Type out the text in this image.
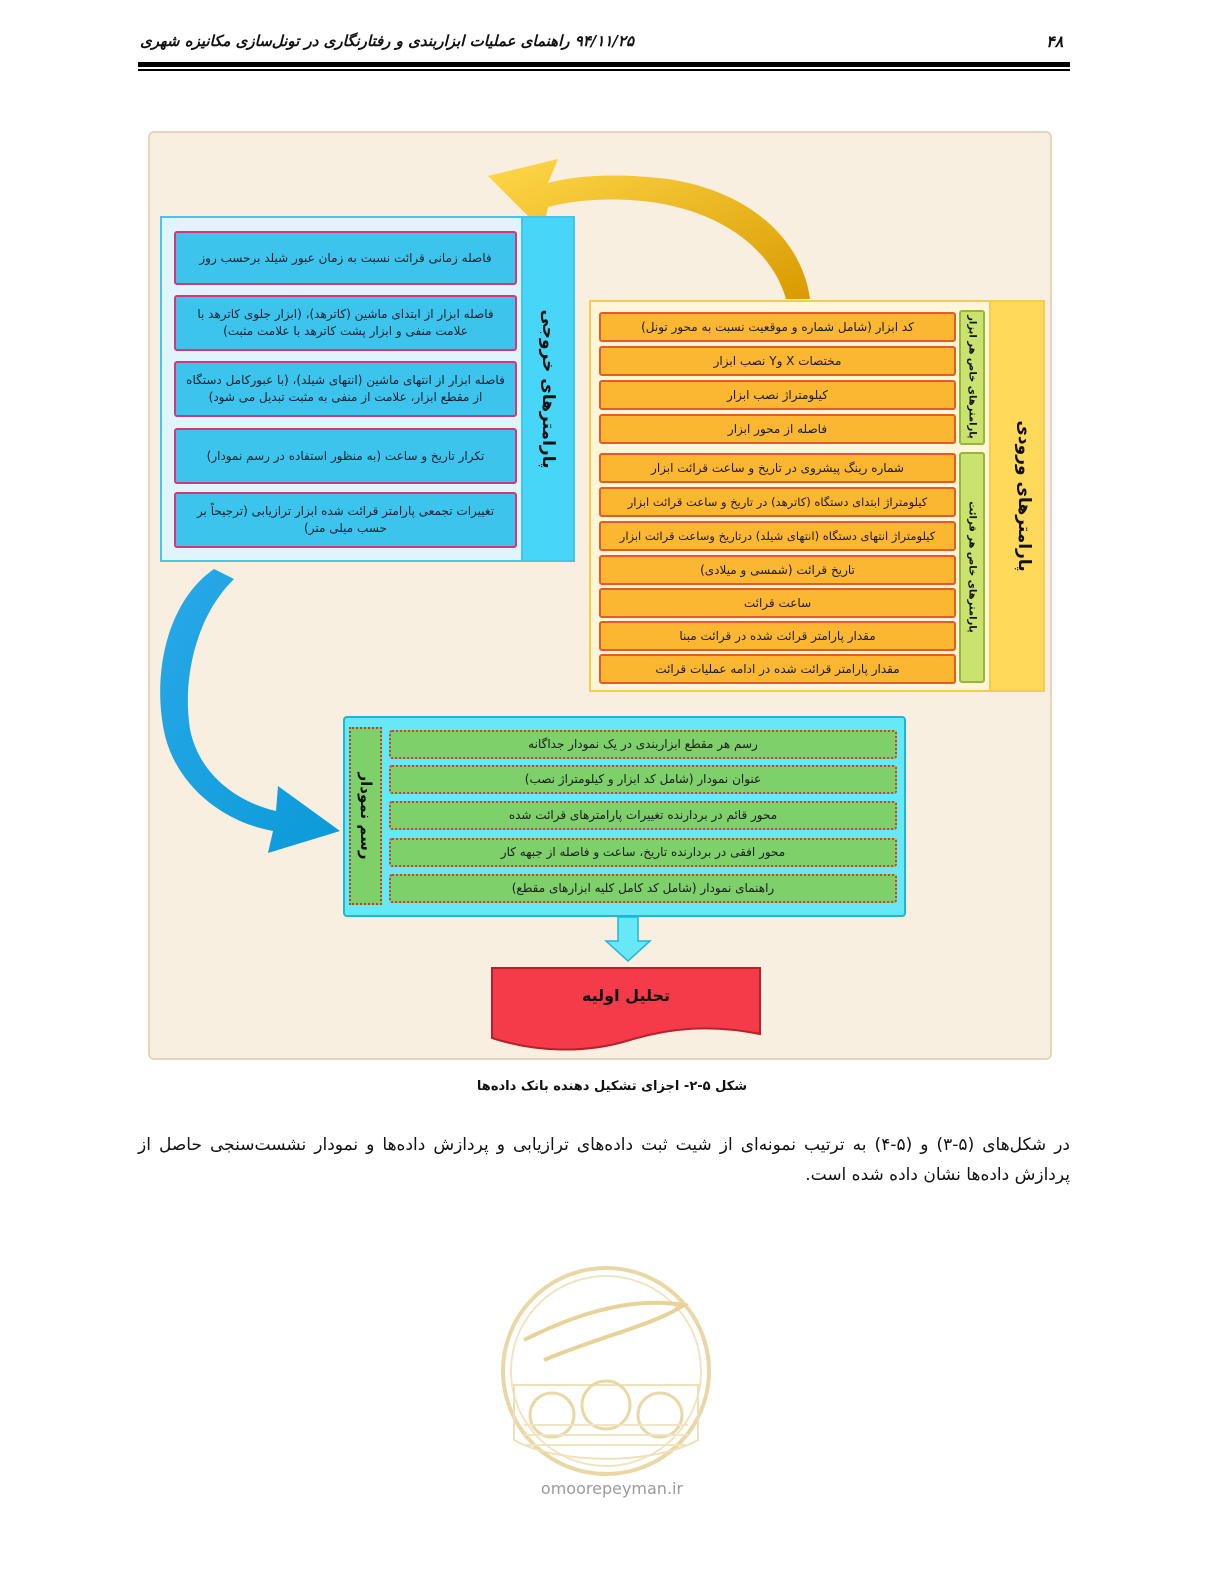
۹۴/۱۱/۲۵ راهنمای عملیات ابزاربندی و رفتارنگاری در تونل‌سازی مکانیزه شهری	۴۸
پارامترهای خروجی
فاصله زمانی قرائت نسبت به زمان عبور شیلد برحسب روز
فاصله ابزار از ابتدای ماشین (کاترهد)، (ابزار جلوی کاترهد با علامت منفی و ابزار پشت کاترهد با علامت مثبت)
فاصله ابزار از انتهای ماشین (انتهای شیلد)، (با عبورکامل دستگاه از مقطع ابزار، علامت از منفی به مثبت تبدیل می شود)
تکرار تاریخ و ساعت (به منظور استفاده در رسم نمودار)
تغییرات تجمعی پارامتر قرائت شده ابزار ترازیابی (ترجیحاً بر حسب میلی متر)	پارامترهای ورودی
پارامترهای خاص هر ابزار
پارامترهای خاص هر قرائت
کد ابزار (شامل شماره و موقعیت نسبت به محور تونل)
مختصات X وY نصب ابزار
کیلومتراژ نصب ابزار
فاصله از محور ابزار
شماره رینگ پیشروی در تاریخ و ساعت قرائت ابزار
کیلومتراژ ابتدای دستگاه (کاترهد) در تاریخ و ساعت قرائت ابزار
کیلومتراژ انتهای دستگاه (انتهای شیلد) درتاریخ وساعت قرائت ابزار
تاریخ قرائت (شمسی و میلادی)
ساعت قرائت
مقدار پارامتر قرائت شده در قرائت مبنا
مقدار پارامتر قرائت شده در ادامه عملیات قرائت
رسم نمودار
رسم هر مقطع ابزاربندی در یک نمودار جداگانه
عنوان نمودار (شامل کد ابزار و کیلومتراژ نصب)
محور قائم در بردارنده تغییرات پارامترهای قرائت شده
محور افقی در بردارنده تاریخ، ساعت و فاصله از جبهه کار
راهنمای نمودار (شامل کد کامل کلیه ابزارهای مقطع)
تحلیل اولیه
شکل ۵-۲- اجزای تشکیل دهنده بانک داده‌ها
در شکل‌های (۵-۳) و (۵-۴) به ترتیب نمونه‌ای از شیت ثبت داده‌های ترازیابی و پردازش داده‌ها و نمودار نشست‌سنجی حاصل از پردازش داده‌ها نشان داده شده است.
omoorepeyman.ir
